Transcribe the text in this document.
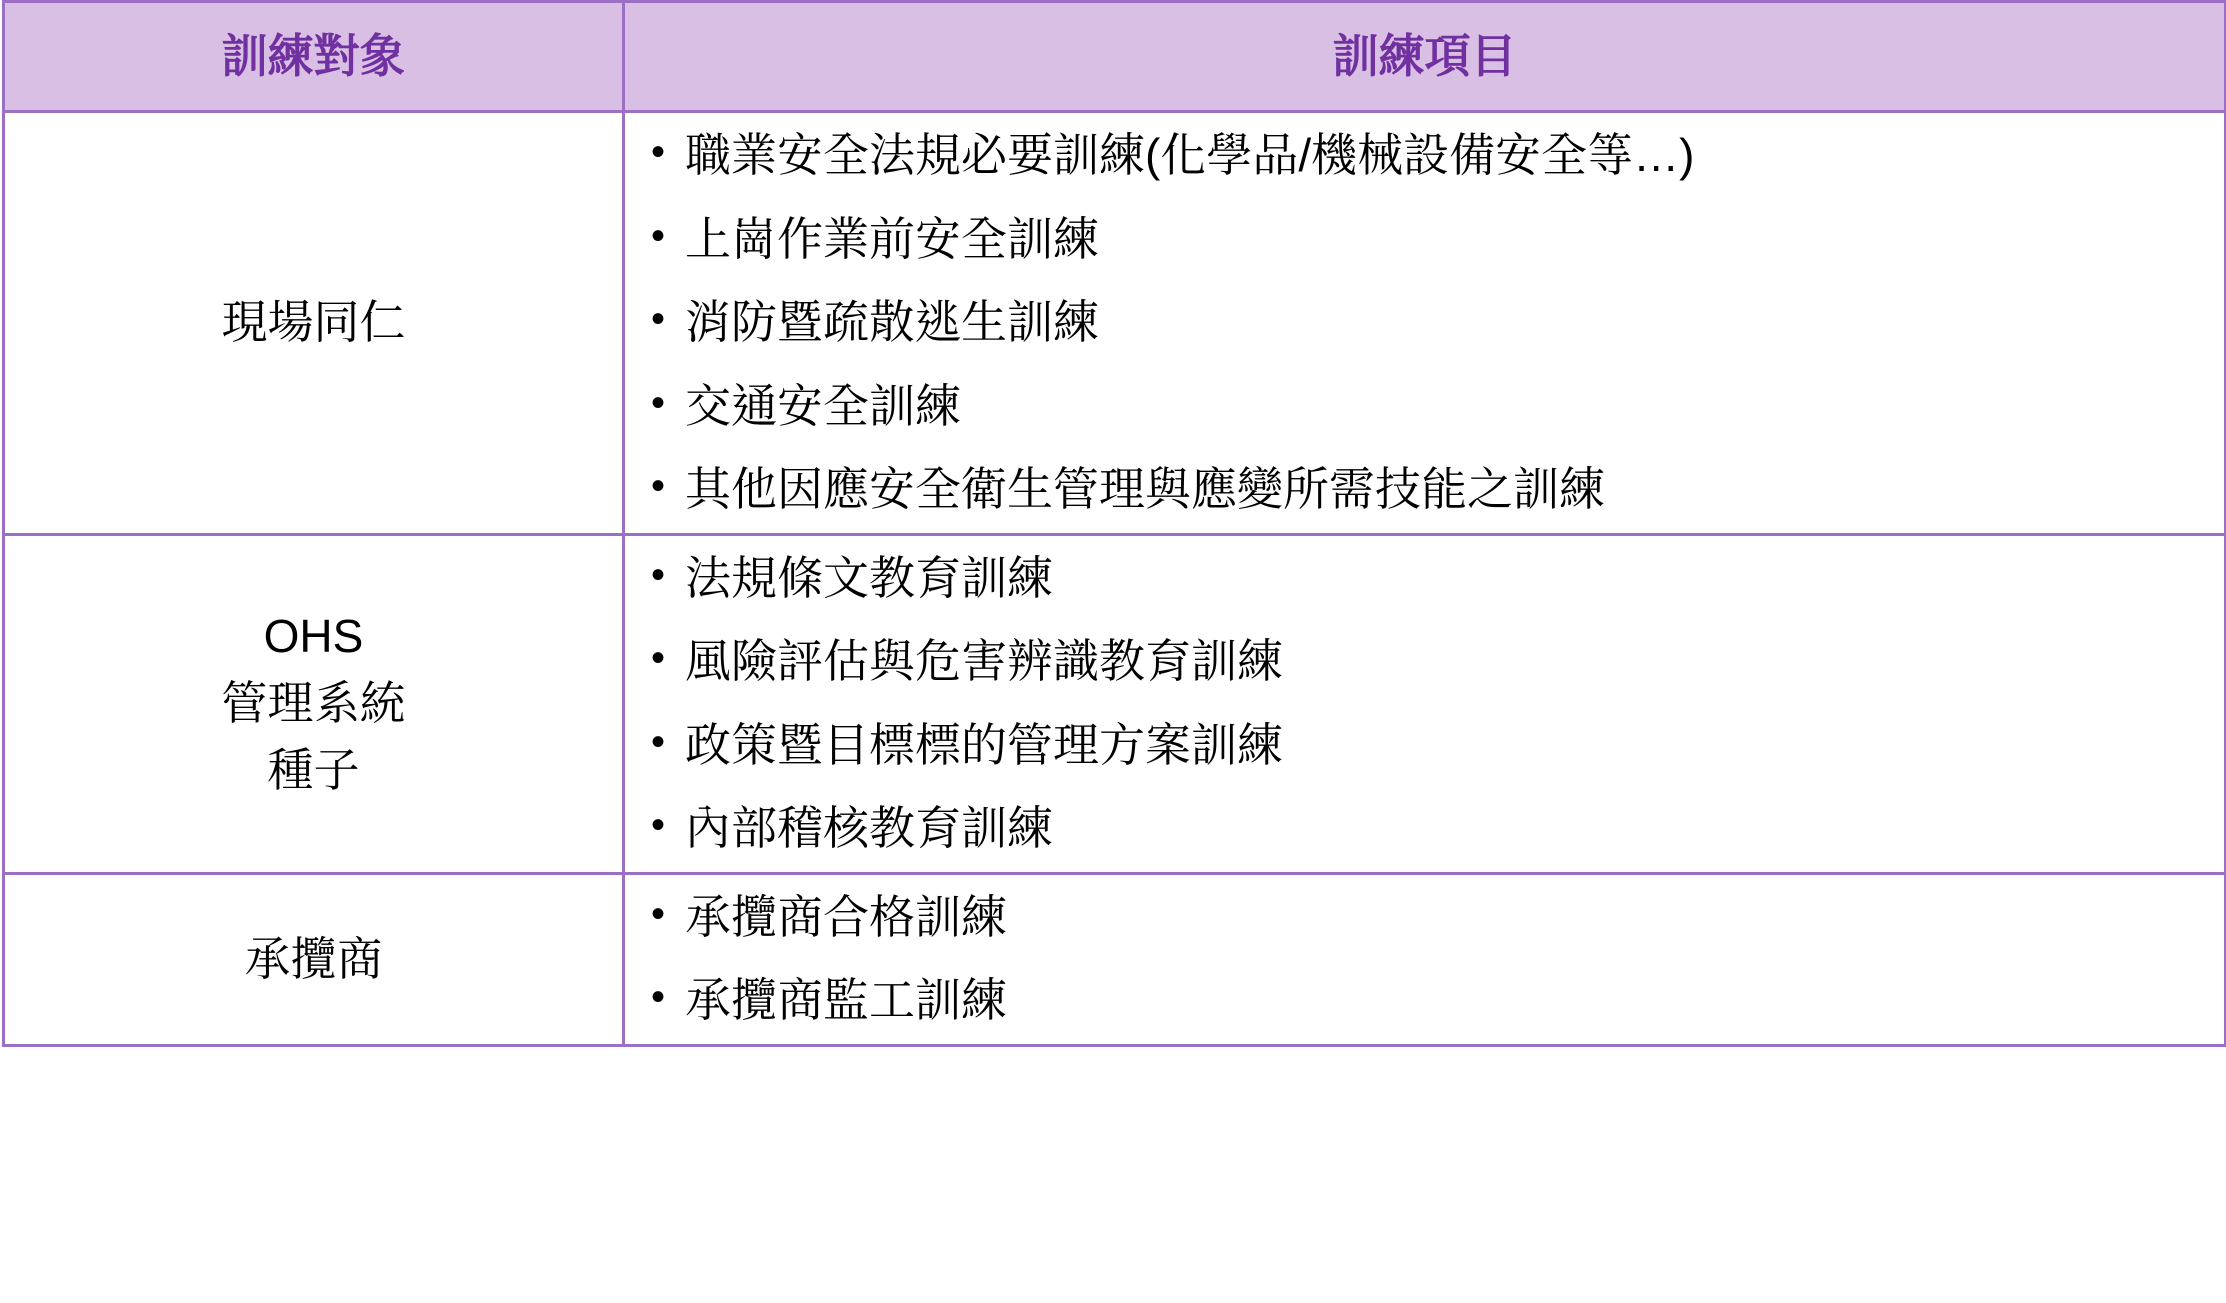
訓練對象	訓練項目

現場同仁

• 職業安全法規必要訓練(化學品/機械設備安全等…)
• 上崗作業前安全訓練
• 消防暨疏散逃生訓練
• 交通安全訓練
• 其他因應安全衛生管理與應變所需技能之訓練

OHS
管理系統
種子

• 法規條文教育訓練
• 風險評估與危害辨識教育訓練
• 政策暨目標標的管理方案訓練
• 內部稽核教育訓練

承攬商

• 承攬商合格訓練
• 承攬商監工訓練
